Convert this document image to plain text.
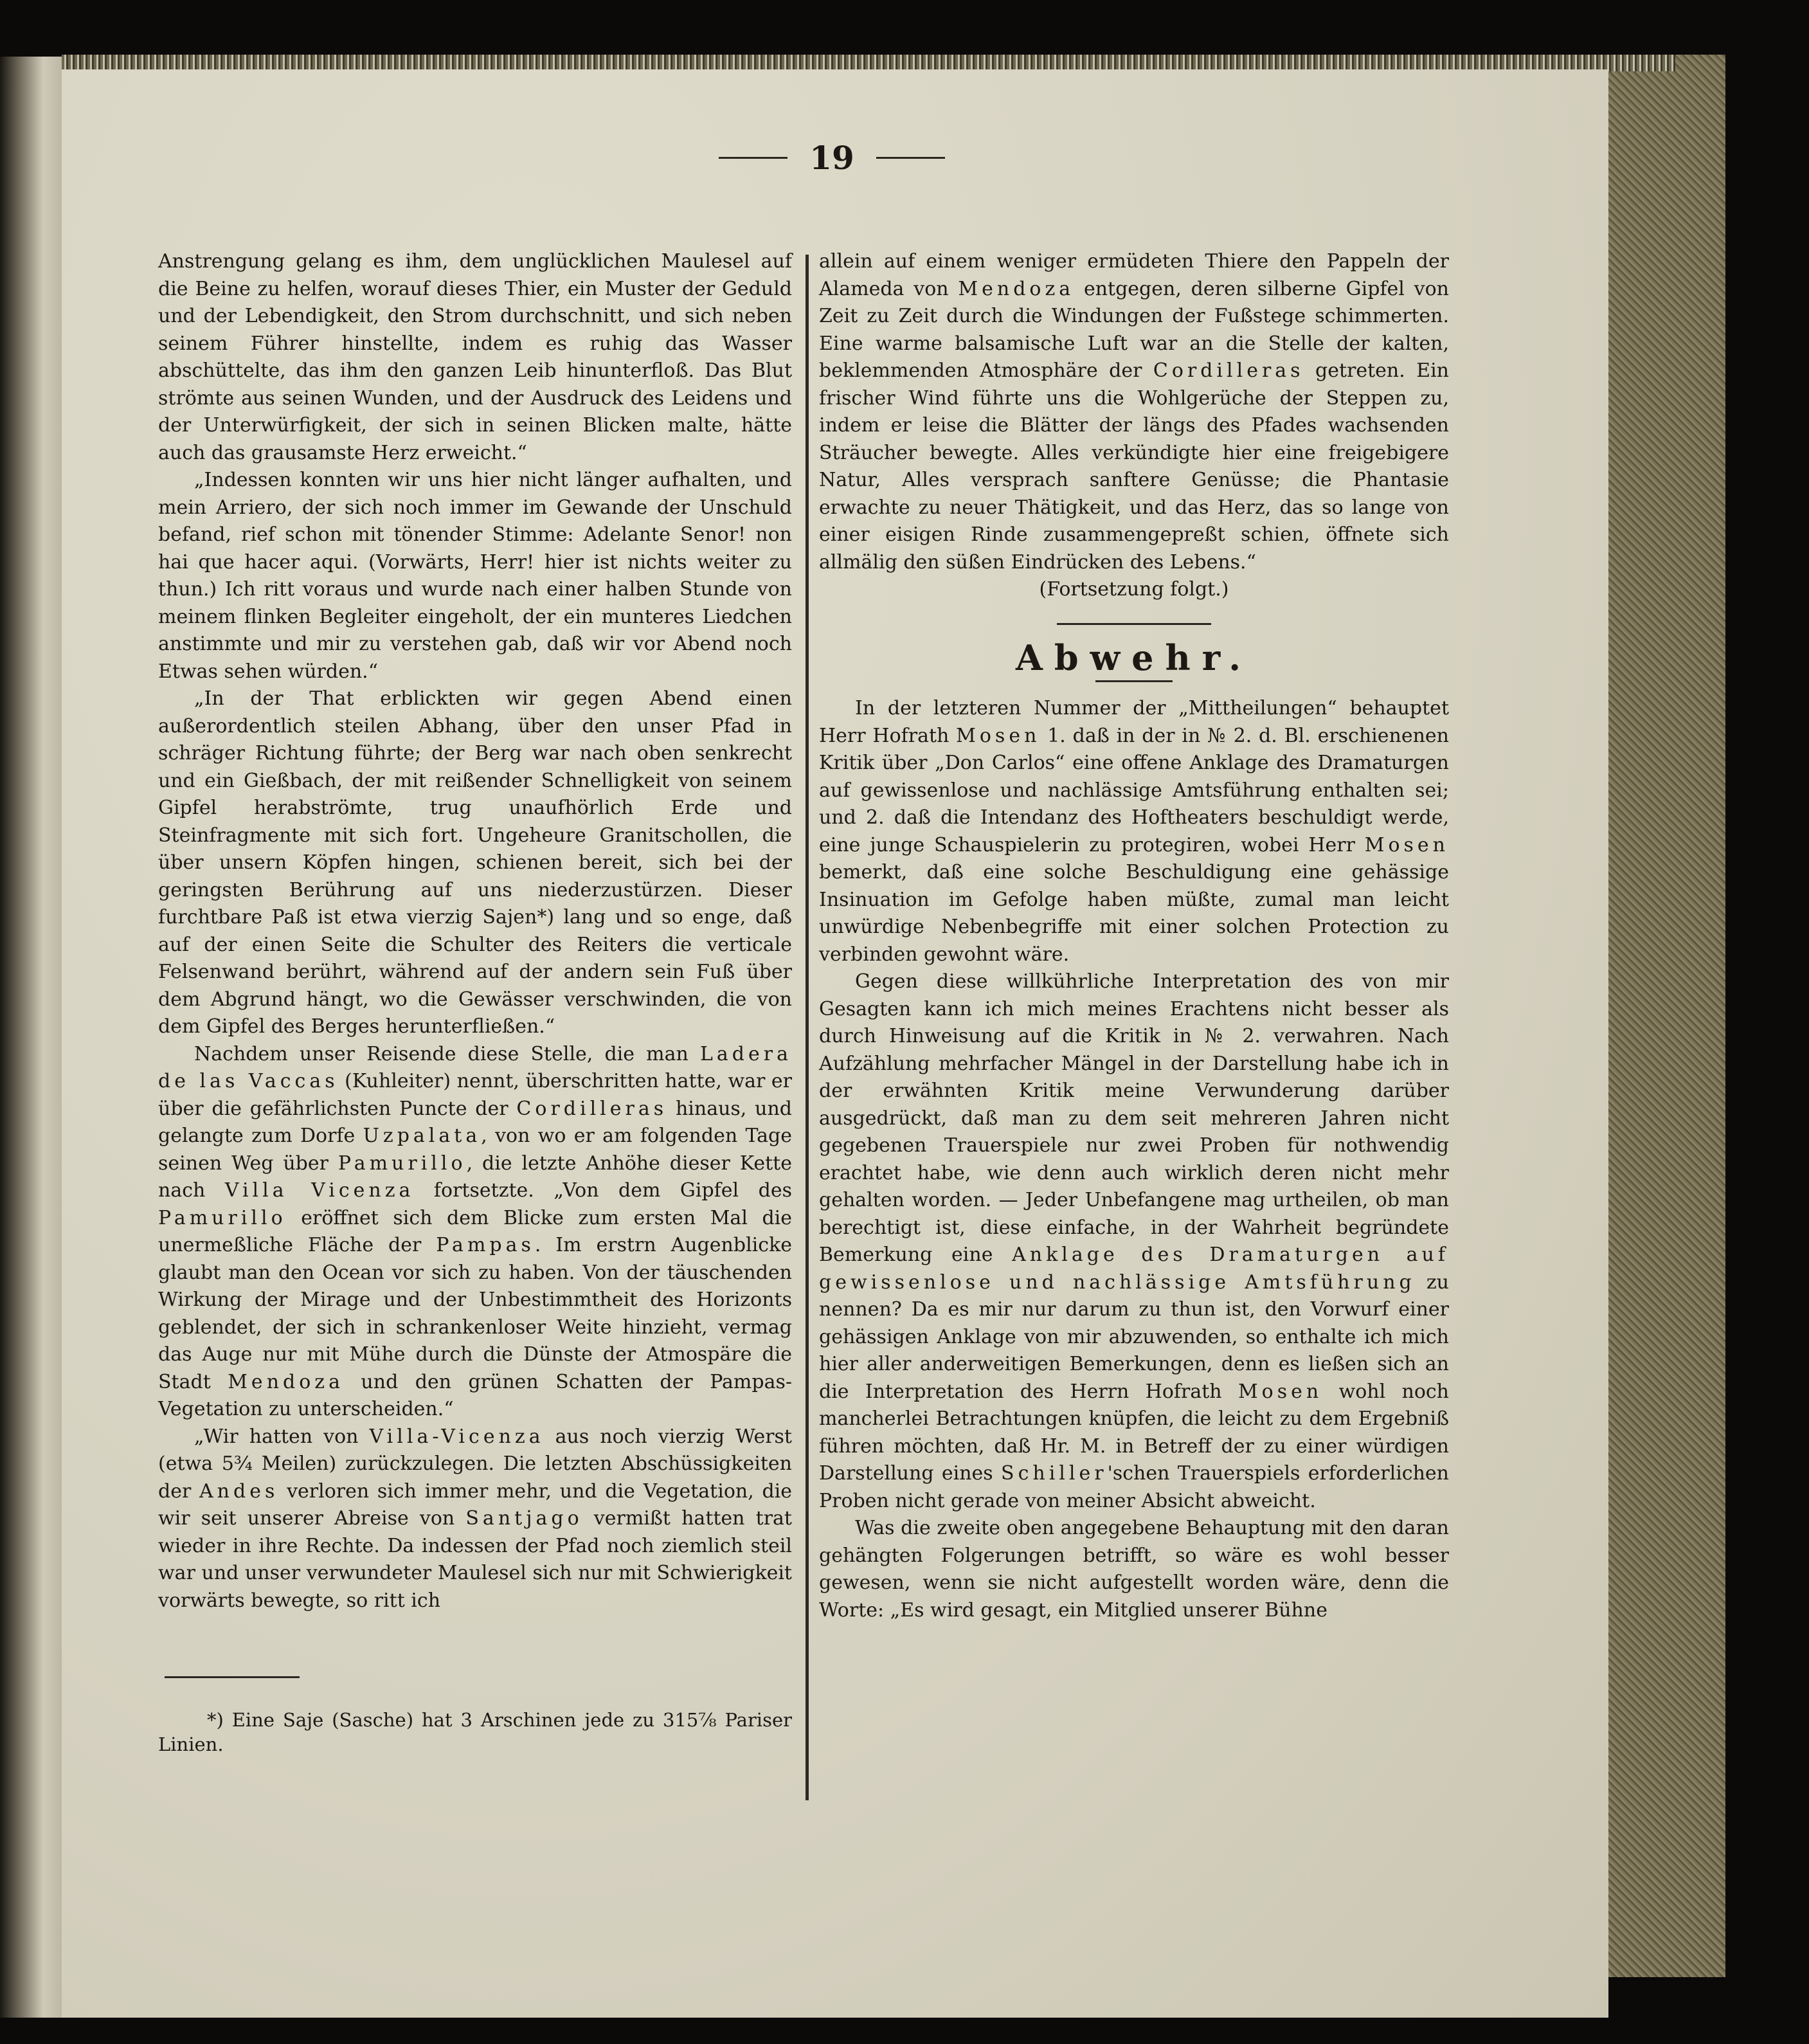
19

Anstrengung gelang es ihm, dem unglücklichen Maulesel auf die Beine zu helfen, worauf dieses Thier, ein Muster der Geduld und der Lebendigkeit, den Strom durchschnitt, und sich neben seinem Führer hinstellte, indem es ruhig das Wasser abschüttelte, das ihm den ganzen Leib hinunterfloß. Das Blut strömte aus seinen Wunden, und der Ausdruck des Leidens und der Unterwürfigkeit, der sich in seinen Blicken malte, hätte auch das grausamste Herz erweicht.“

„Indessen konnten wir uns hier nicht länger aufhalten, und mein Arriero, der sich noch immer im Gewande der Unschuld befand, rief schon mit tönender Stimme: Adelante Senor! non hai que hacer aqui. (Vorwärts, Herr! hier ist nichts weiter zu thun.) Ich ritt voraus und wurde nach einer halben Stunde von meinem flinken Begleiter eingeholt, der ein munteres Liedchen anstimmte und mir zu verstehen gab, daß wir vor Abend noch Etwas sehen würden.“

„In der That erblickten wir gegen Abend einen außerordentlich steilen Abhang, über den unser Pfad in schräger Richtung führte; der Berg war nach oben senkrecht und ein Gießbach, der mit reißender Schnelligkeit von seinem Gipfel herabströmte, trug unaufhörlich Erde und Steinfragmente mit sich fort. Ungeheure Granitschollen, die über unsern Köpfen hingen, schienen bereit, sich bei der geringsten Berührung auf uns niederzustürzen. Dieser furchtbare Paß ist etwa vierzig Sajen*) lang und so enge, daß auf der einen Seite die Schulter des Reiters die verticale Felsenwand berührt, während auf der andern sein Fuß über dem Abgrund hängt, wo die Gewässer verschwinden, die von dem Gipfel des Berges herunterfließen.“

Nachdem unser Reisende diese Stelle, die man Ladera de las Vaccas (Kuhleiter) nennt, überschritten hatte, war er über die gefährlichsten Puncte der Cordilleras hinaus, und gelangte zum Dorfe Uzpalata, von wo er am folgenden Tage seinen Weg über Pamurillo, die letzte Anhöhe dieser Kette nach Villa Vicenza fortsetzte. „Von dem Gipfel des Pamurillo eröffnet sich dem Blicke zum ersten Mal die unermeßliche Fläche der Pampas. Im erstrn Augenblicke glaubt man den Ocean vor sich zu haben. Von der täuschenden Wirkung der Mirage und der Unbestimmtheit des Horizonts geblendet, der sich in schrankenloser Weite hinzieht, vermag das Auge nur mit Mühe durch die Dünste der Atmospäre die Stadt Mendoza und den grünen Schatten der Pampas-Vegetation zu unterscheiden.“

„Wir hatten von Villa-Vicenza aus noch vierzig Werst (etwa 5¾ Meilen) zurückzulegen. Die letzten Abschüssigkeiten der Andes verloren sich immer mehr, und die Vegetation, die wir seit unserer Abreise von Santjago vermißt hatten trat wieder in ihre Rechte. Da indessen der Pfad noch ziemlich steil war und unser verwundeter Maulesel sich nur mit Schwierigkeit vorwärts bewegte, so ritt ich

*) Eine Saje (Sasche) hat 3 Arschinen jede zu 315⅞ Pariser Linien.

allein auf einem weniger ermüdeten Thiere den Pappeln der Alameda von Mendoza entgegen, deren silberne Gipfel von Zeit zu Zeit durch die Windungen der Fußstege schimmerten. Eine warme balsamische Luft war an die Stelle der kalten, beklemmenden Atmosphäre der Cordilleras getreten. Ein frischer Wind führte uns die Wohlgerüche der Steppen zu, indem er leise die Blätter der längs des Pfades wachsenden Sträucher bewegte. Alles verkündigte hier eine freigebigere Natur, Alles versprach sanftere Genüsse; die Phantasie erwachte zu neuer Thätigkeit, und das Herz, das so lange von einer eisigen Rinde zusammengepreßt schien, öffnete sich allmälig den süßen Eindrücken des Lebens.“

(Fortsetzung folgt.)

Abwehr.

In der letzteren Nummer der „Mittheilungen“ behauptet Herr Hofrath Mosen 1. daß in der in № 2. d. Bl. erschienenen Kritik über „Don Carlos“ eine offene Anklage des Dramaturgen auf gewissenlose und nachlässige Amtsführung enthalten sei; und 2. daß die Intendanz des Hoftheaters beschuldigt werde, eine junge Schauspielerin zu protegiren, wobei Herr Mosen bemerkt, daß eine solche Beschuldigung eine gehässige Insinuation im Gefolge haben müßte, zumal man leicht unwürdige Nebenbegriffe mit einer solchen Protection zu verbinden gewohnt wäre.

Gegen diese willkührliche Interpretation des von mir Gesagten kann ich mich meines Erachtens nicht besser als durch Hinweisung auf die Kritik in № 2. verwahren. Nach Aufzählung mehrfacher Mängel in der Darstellung habe ich in der erwähnten Kritik meine Verwunderung darüber ausgedrückt, daß man zu dem seit mehreren Jahren nicht gegebenen Trauerspiele nur zwei Proben für nothwendig erachtet habe, wie denn auch wirklich deren nicht mehr gehalten worden. — Jeder Unbefangene mag urtheilen, ob man berechtigt ist, diese einfache, in der Wahrheit begründete Bemerkung eine Anklage des Dramaturgen auf gewissenlose und nachlässige Amtsführung zu nennen? Da es mir nur darum zu thun ist, den Vorwurf einer gehässigen Anklage von mir abzuwenden, so enthalte ich mich hier aller anderweitigen Bemerkungen, denn es ließen sich an die Interpretation des Herrn Hofrath Mosen wohl noch mancherlei Betrachtungen knüpfen, die leicht zu dem Ergebniß führen möchten, daß Hr. M. in Betreff der zu einer würdigen Darstellung eines Schiller'schen Trauerspiels erforderlichen Proben nicht gerade von meiner Absicht abweicht.

Was die zweite oben angegebene Behauptung mit den daran gehängten Folgerungen betrifft, so wäre es wohl besser gewesen, wenn sie nicht aufgestellt worden wäre, denn die Worte: „Es wird gesagt, ein Mitglied unserer Bühne
